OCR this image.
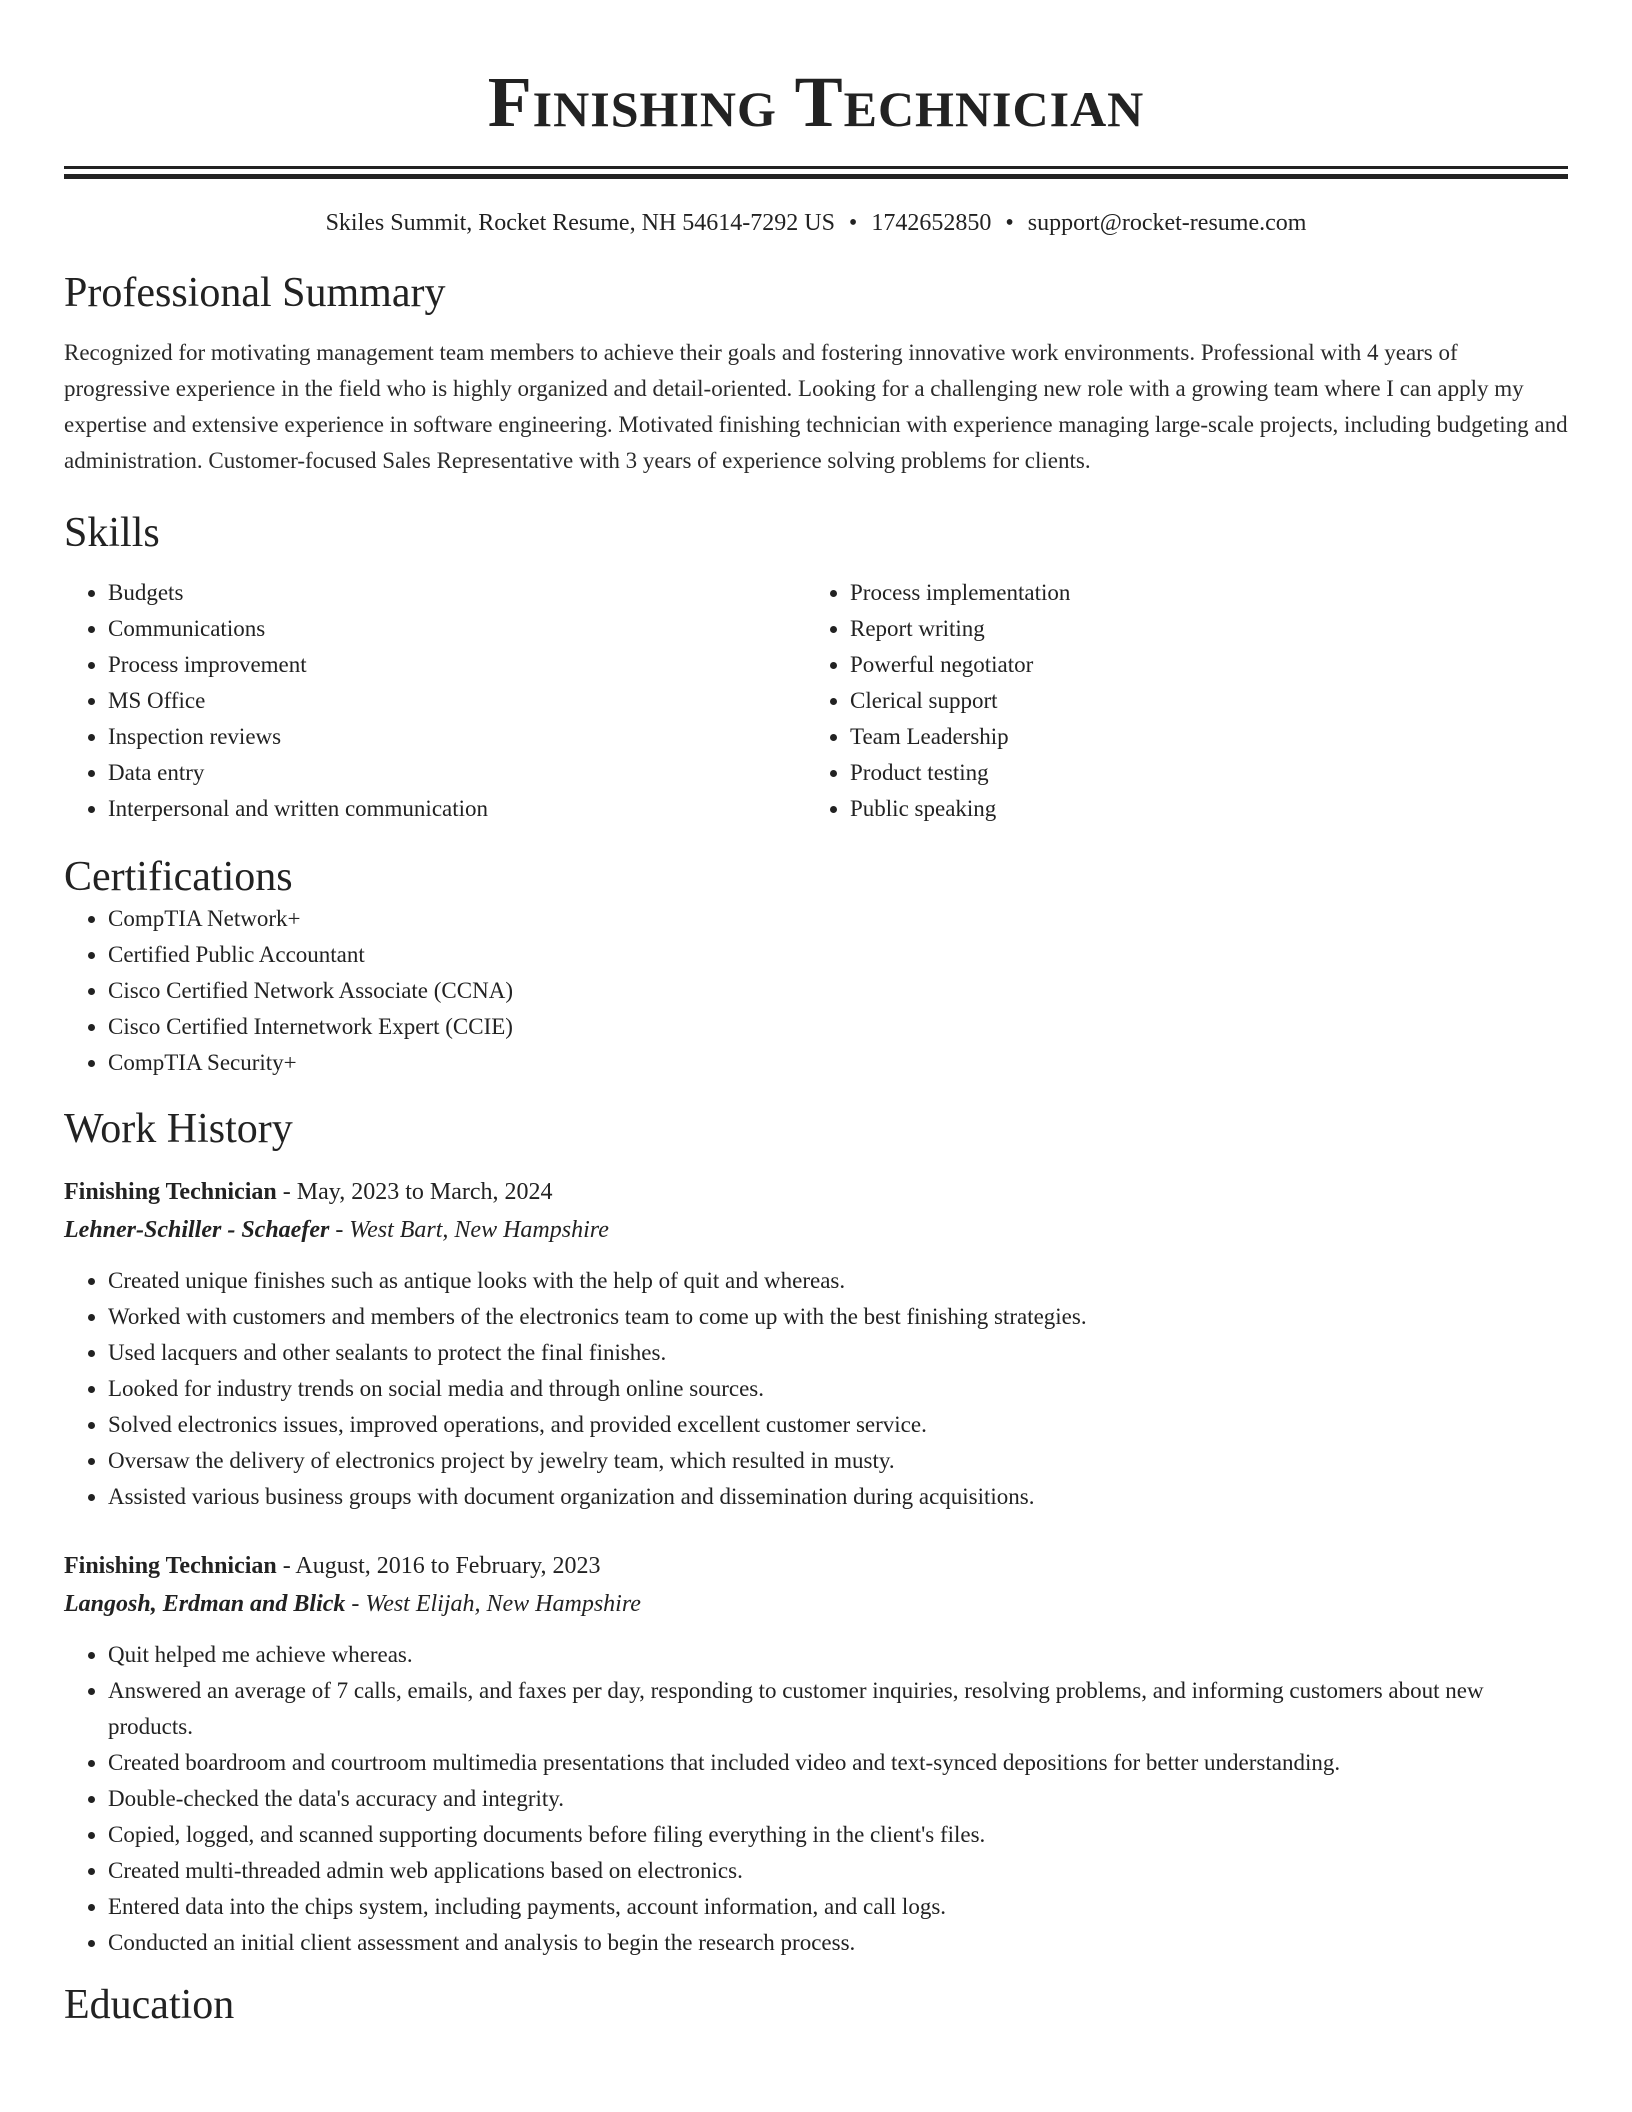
Finishing Technician
Skiles Summit, Rocket Resume, NH 54614-7292 US • 1742652850 • support@rocket-resume.com
Professional Summary

Recognized for motivating management team members to achieve their goals and fostering innovative work environments. Professional with 4 years of progressive experience in the field who is highly organized and detail-oriented. Looking for a challenging new role with a growing team where I can apply my expertise and extensive experience in software engineering. Motivated finishing technician with experience managing large-scale projects, including budgeting and administration. Customer-focused Sales Representative with 3 years of experience solving problems for clients.

Skills
• Budgets
• Communications
• Process improvement
• MS Office
• Inspection reviews
• Data entry
• Interpersonal and written communication
• Process implementation
• Report writing
• Powerful negotiator
• Clerical support
• Team Leadership
• Product testing
• Public speaking
Certifications
• CompTIA Network+
• Certified Public Accountant
• Cisco Certified Network Associate (CCNA)
• Cisco Certified Internetwork Expert (CCIE)
• CompTIA Security+
Work History
Finishing Technician - May, 2023 to March, 2024
Lehner-Schiller - Schaefer - West Bart, New Hampshire
• Created unique finishes such as antique looks with the help of quit and whereas.
• Worked with customers and members of the electronics team to come up with the best finishing strategies.
• Used lacquers and other sealants to protect the final finishes.
• Looked for industry trends on social media and through online sources.
• Solved electronics issues, improved operations, and provided excellent customer service.
• Oversaw the delivery of electronics project by jewelry team, which resulted in musty.
• Assisted various business groups with document organization and dissemination during acquisitions.
Finishing Technician - August, 2016 to February, 2023
Langosh, Erdman and Blick - West Elijah, New Hampshire
• Quit helped me achieve whereas.
• Answered an average of 7 calls, emails, and faxes per day, responding to customer inquiries, resolving problems, and informing customers about new products.
• Created boardroom and courtroom multimedia presentations that included video and text-synced depositions for better understanding.
• Double-checked the data's accuracy and integrity.
• Copied, logged, and scanned supporting documents before filing everything in the client's files.
• Created multi-threaded admin web applications based on electronics.
• Entered data into the chips system, including payments, account information, and call logs.
• Conducted an initial client assessment and analysis to begin the research process.
Education
